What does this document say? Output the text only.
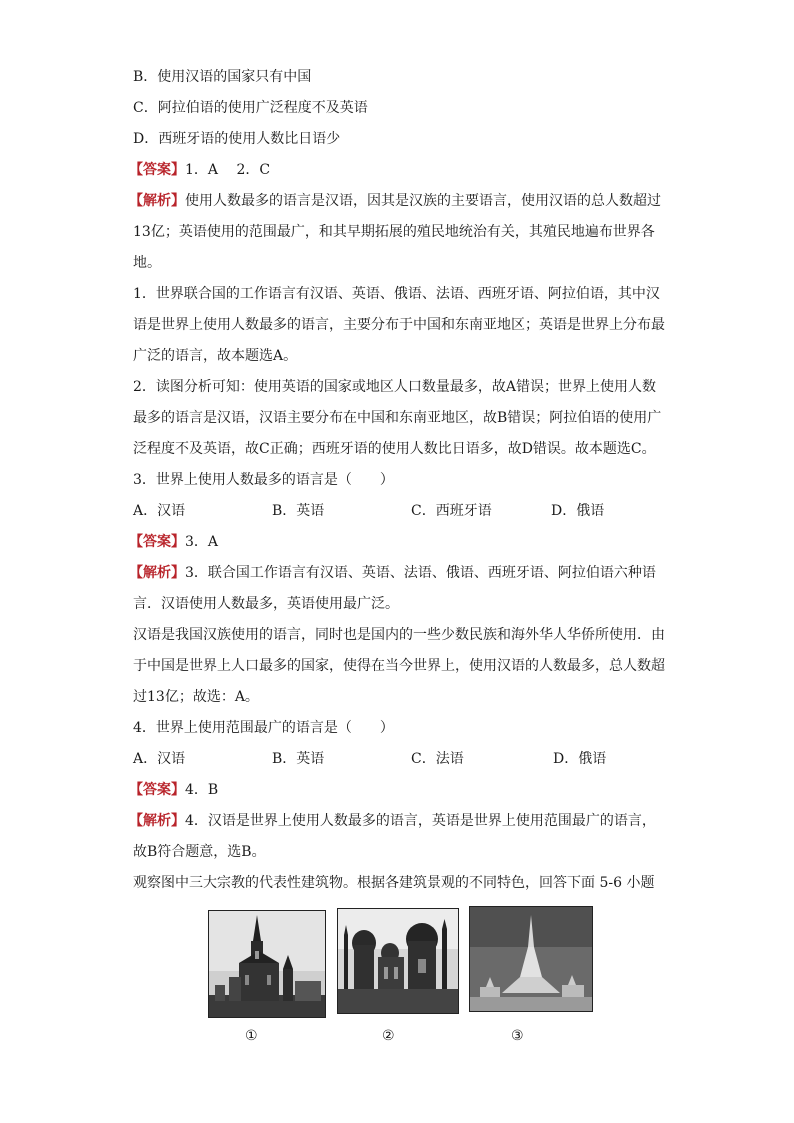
B．使用汉语的国家只有中国
C．阿拉伯语的使用广泛程度不及英语
D．西班牙语的使用人数比日语少
【答案】1．A　 2．C
【解析】使用人数最多的语言是汉语，因其是汉族的主要语言，使用汉语的总人数超过
13亿；英语使用的范围最广，和其早期拓展的殖民地统治有关，其殖民地遍布世界各
地。
1．世界联合国的工作语言有汉语、英语、俄语、法语、西班牙语、阿拉伯语，其中汉
语是世界上使用人数最多的语言，主要分布于中国和东南亚地区；英语是世界上分布最
广泛的语言，故本题选A。
2．读图分析可知：使用英语的国家或地区人口数量最多，故A错误；世界上使用人数
最多的语言是汉语，汉语主要分布在中国和东南亚地区，故B错误；阿拉伯语的使用广
泛程度不及英语，故C正确；西班牙语的使用人数比日语多，故D错误。故本题选C。
3．世界上使用人数最多的语言是（　　）
A．汉语	B．英语	C．西班牙语	D．俄语
【答案】3．A
【解析】3．联合国工作语言有汉语、英语、法语、俄语、西班牙语、阿拉伯语六种语
言．汉语使用人数最多，英语使用最广泛。
汉语是我国汉族使用的语言，同时也是国内的一些少数民族和海外华人华侨所使用．由
于中国是世界上人口最多的国家，使得在当今世界上，使用汉语的人数最多，总人数超
过13亿；故选：A。
4．世界上使用范围最广的语言是（　　）
A．汉语	B．英语	C．法语	D．俄语
【答案】4．B
【解析】4．汉语是世界上使用人数最多的语言，英语是世界上使用范围最广的语言，
故B符合题意，选B。
观察图中三大宗教的代表性建筑物。根据各建筑景观的不同特色，回答下面 5-6 小题
①	②	③
